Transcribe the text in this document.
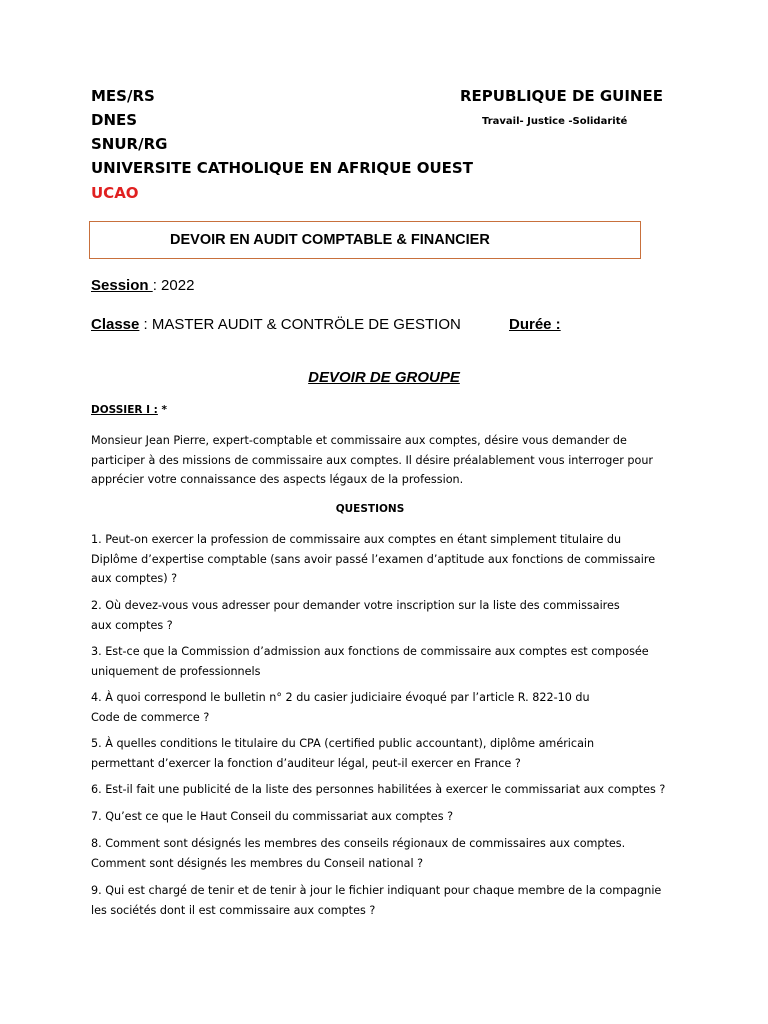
MES/RS
DNES
SNUR/RG
UNIVERSITE CATHOLIQUE EN AFRIQUE OUEST
UCAO
REPUBLIQUE DE GUINEE
Travail- Justice -Solidarité
DEVOIR EN AUDIT COMPTABLE & FINANCIER
Session : 2022
Classe : MASTER AUDIT & CONTRÖLE DE GESTION	Durée :
DEVOIR DE GROUPE
DOSSIER I : *
Monsieur Jean Pierre, expert-comptable et commissaire aux comptes, désire vous demander de
participer à des missions de commissaire aux comptes. Il désire préalablement vous interroger pour
apprécier votre connaissance des aspects légaux de la profession.
QUESTIONS
1. Peut-on exercer la profession de commissaire aux comptes en étant simplement titulaire du
Diplôme d’expertise comptable (sans avoir passé l’examen d’aptitude aux fonctions de commissaire
aux comptes) ?
2. Où devez-vous vous adresser pour demander votre inscription sur la liste des commissaires
aux comptes ?
3. Est-ce que la Commission d’admission aux fonctions de commissaire aux comptes est composée
uniquement de professionnels
4. À quoi correspond le bulletin n° 2 du casier judiciaire évoqué par l’article R. 822-10 du
Code de commerce ?
5. À quelles conditions le titulaire du CPA (certified public accountant), diplôme américain
permettant d’exercer la fonction d’auditeur légal, peut-il exercer en France ?
6. Est-il fait une publicité de la liste des personnes habilitées à exercer le commissariat aux comptes ?
7. Qu’est ce que le Haut Conseil du commissariat aux comptes ?
8. Comment sont désignés les membres des conseils régionaux de commissaires aux comptes.
Comment sont désignés les membres du Conseil national ?
9. Qui est chargé de tenir et de tenir à jour le fichier indiquant pour chaque membre de la compagnie
les sociétés dont il est commissaire aux comptes ?
